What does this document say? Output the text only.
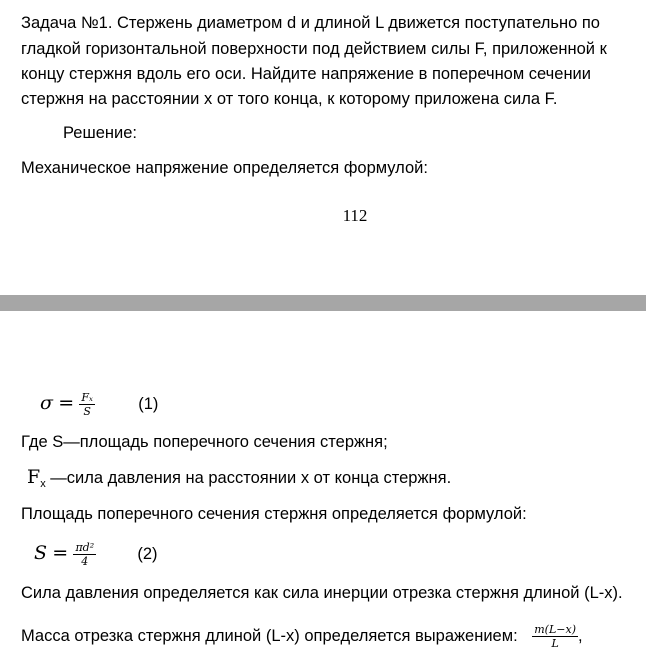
Задача №1. Стержень диаметром d и длиной L движется поступательно по
гладкой горизонтальной поверхности под действием силы F, приложенной к
концу стержня вдоль его оси. Найдите напряжение в поперечном сечении
стержня на расстоянии x от того конца, к которому приложена сила F.
Решение:
Механическое напряжение определяется формулой:
112
$\sigma = \frac{\text{Fₓ}}{S}$	(1)
Где S—площадь поперечного сечения стержня;
$F_x$ —сила давления на расстоянии x от конца стержня.
Площадь поперечного сечения стержня определяется формулой:
$S = \frac{\text{πd²}}{4}$	(2)
Сила давления определяется как сила инерции отрезка стержня длиной (L-x).
Масса отрезка стержня длиной (L-x) определяется выражением: $\frac{m(L-x)}{L}$ ,
